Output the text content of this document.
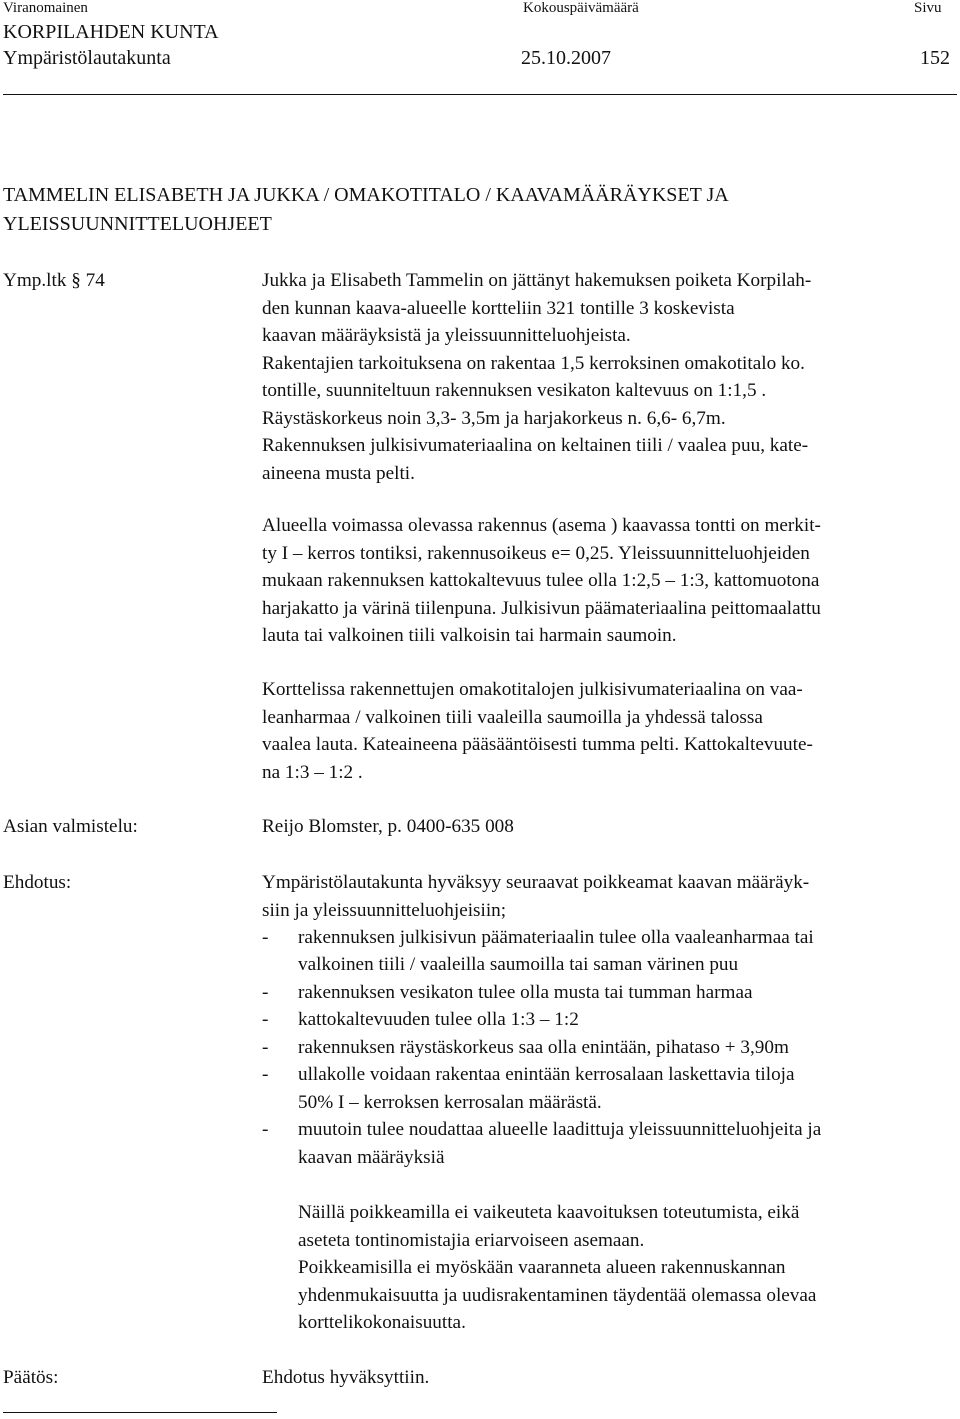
Viranomainen	Kokouspäivämäärä	Sivu
KORPILAHDEN KUNTA
Ympäristölautakunta	25.10.2007	152
TAMMELIN ELISABETH JA JUKKA / OMAKOTITALO / KAAVAMÄÄRÄYKSET JA
YLEISSUUNNITTELUOHJEET
Ymp.ltk § 74	Jukka ja Elisabeth Tammelin on jättänyt hakemuksen poiketa Korpilah-
den kunnan kaava-alueelle kortteliin 321 tontille 3 koskevista
kaavan määräyksistä ja yleissuunnitteluohjeista.
Rakentajien tarkoituksena on rakentaa 1,5 kerroksinen omakotitalo ko.
tontille, suunniteltuun rakennuksen vesikaton kaltevuus on 1:1,5 .
Räystäskorkeus noin 3,3- 3,5m ja harjakorkeus n. 6,6- 6,7m.
Rakennuksen julkisivumateriaalina on keltainen tiili / vaalea puu, kate-
aineena musta pelti.
Alueella voimassa olevassa rakennus (asema ) kaavassa tontti on merkit-
ty I – kerros tontiksi, rakennusoikeus e= 0,25. Yleissuunnitteluohjeiden
mukaan rakennuksen kattokaltevuus tulee olla 1:2,5 – 1:3, kattomuotona
harjakatto ja värinä tiilenpuna. Julkisivun päämateriaalina peittomaalattu
lauta tai valkoinen tiili valkoisin tai harmain saumoin.
Korttelissa rakennettujen omakotitalojen julkisivumateriaalina on vaa-
leanharmaa / valkoinen tiili vaaleilla saumoilla ja yhdessä talossa
vaalea lauta. Kateaineena pääsääntöisesti tumma pelti. Kattokaltevuute-
na 1:3 – 1:2 .
Asian valmistelu:	Reijo Blomster, p. 0400-635 008
Ehdotus:	Ympäristölautakunta hyväksyy seuraavat poikkeamat kaavan määräyk-
siin ja yleissuunnitteluohjeisiin;
- rakennuksen julkisivun päämateriaalin tulee olla vaaleanharmaa tai
valkoinen tiili / vaaleilla saumoilla tai saman värinen puu
- rakennuksen vesikaton tulee olla musta tai tumman harmaa
- kattokaltevuuden tulee olla 1:3 – 1:2
- rakennuksen räystäskorkeus saa olla enintään, pihataso + 3,90m
- ullakolle voidaan rakentaa enintään kerrosalaan laskettavia tiloja
50% I – kerroksen kerrosalan määrästä.
- muutoin tulee noudattaa alueelle laadittuja yleissuunnitteluohjeita ja
kaavan määräyksiä
Näillä poikkeamilla ei vaikeuteta kaavoituksen toteutumista, eikä
aseteta tontinomistajia eriarvoiseen asemaan.
Poikkeamisilla ei myöskään vaaranneta alueen rakennuskannan
yhdenmukaisuutta ja uudisrakentaminen täydentää olemassa olevaa
korttelikokonaisuutta.
Päätös:	Ehdotus hyväksyttiin.
